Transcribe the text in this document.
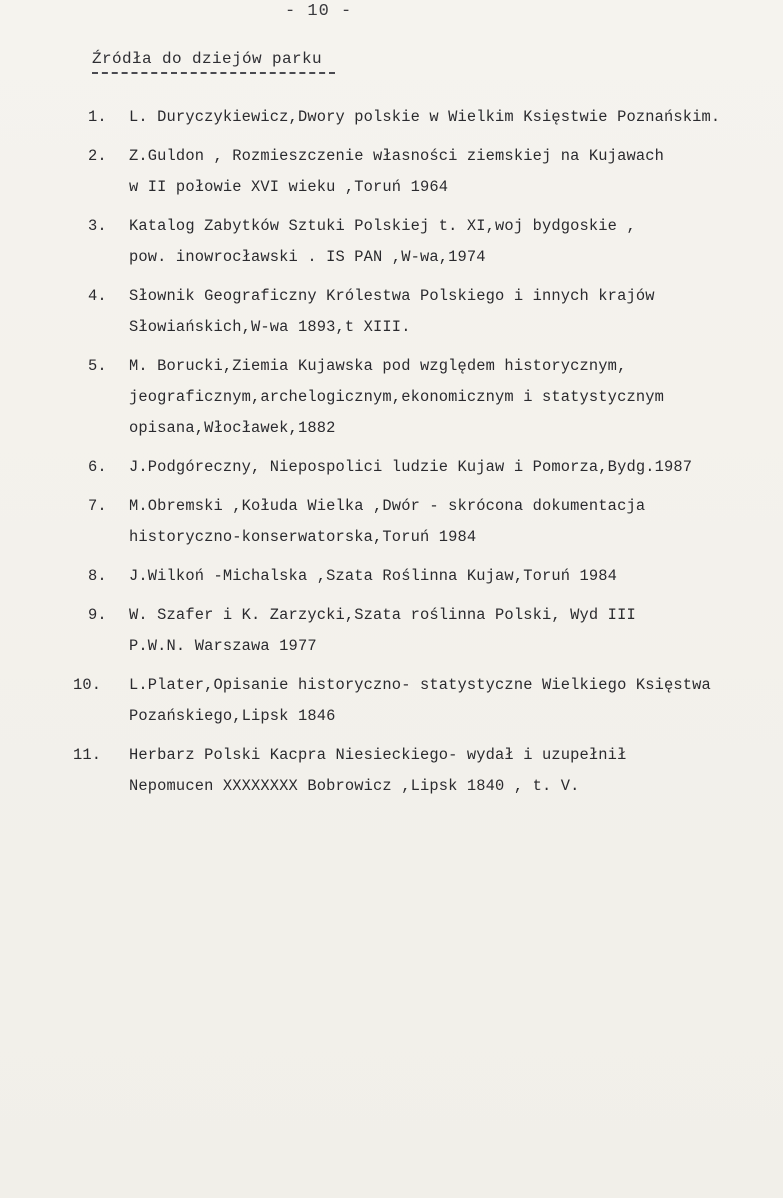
- 10 -
Źródła do dziejów parku
1. L. Duryczykiewicz,Dwory polskie w Wielkim Księstwie Poznańskim.
2. Z.Guldon , Rozmieszczenie własności ziemskiej na Kujawach
w II połowie XVI wieku ,Toruń 1964
3. Katalog Zabytków Sztuki Polskiej t. XI,woj bydgoskie ,
pow. inowrocławski . IS PAN ,W-wa,1974
4. Słownik Geograficzny Królestwa Polskiego i innych krajów
Słowiańskich,W-wa 1893,t XIII.
5. M. Borucki,Ziemia Kujawska pod względem historycznym,
jeograficznym,archelogicznym,ekonomicznym i statystycznym
opisana,Włocławek,1882
6. J.Podgóreczny, Niepospolici ludzie Kujaw i Pomorza,Bydg.1987
7. M.Obremski ,Kołuda Wielka ,Dwór - skrócona dokumentacja
historyczno-konserwatorska,Toruń 1984
8. J.Wilkoń -Michalska ,Szata Roślinna Kujaw,Toruń 1984
9. W. Szafer i K. Zarzycki,Szata roślinna Polski, Wyd III
P.W.N. Warszawa 1977
10. L.Plater,Opisanie historyczno- statystyczne Wielkiego Księstwa
Pozańskiego,Lipsk 1846
11. Herbarz Polski Kacpra Niesieckiego- wydał i uzupełnił
Nepomucen XXXXXXXX Bobrowicz ,Lipsk 1840 , t. V.
